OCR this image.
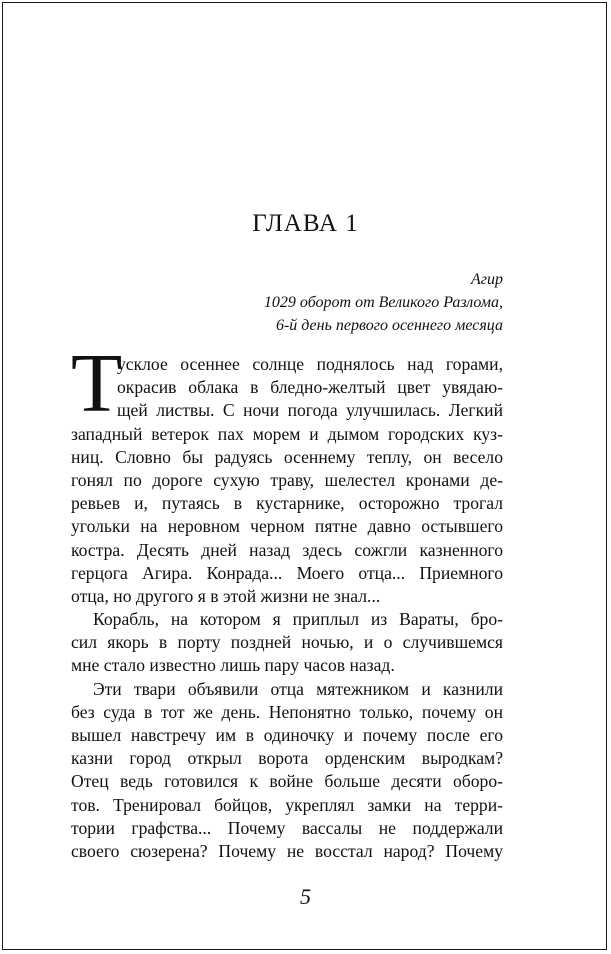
ГЛАВА 1
Агир
1029 оборот от Великого Разлома,
6-й день первого осеннего месяца
Т
усклое осеннее солнце поднялось над горами,
окрасив облака в бледно-желтый цвет увядаю-
щей листвы. С ночи погода улучшилась. Легкий
западный ветерок пах морем и дымом городских куз-
ниц. Словно бы радуясь осеннему теплу, он весело
гонял по дороге сухую траву, шелестел кронами де-
ревьев и, путаясь в кустарнике, осторожно трогал
угольки на неровном черном пятне давно остывшего
костра. Десять дней назад здесь сожгли казненного
герцога Агира. Конрада... Моего отца... Приемного
отца, но другого я в этой жизни не знал...
Корабль, на котором я приплыл из Вараты, бро-
сил якорь в порту поздней ночью, и о случившемся
мне стало известно лишь пару часов назад.
Эти твари объявили отца мятежником и казнили
без суда в тот же день. Непонятно только, почему он
вышел навстречу им в одиночку и почему после его
казни город открыл ворота орденским выродкам?
Отец ведь готовился к войне больше десяти оборо-
тов. Тренировал бойцов, укреплял замки на терри-
тории графства... Почему вассалы не поддержали
своего сюзерена? Почему не восстал народ? Почему
5
